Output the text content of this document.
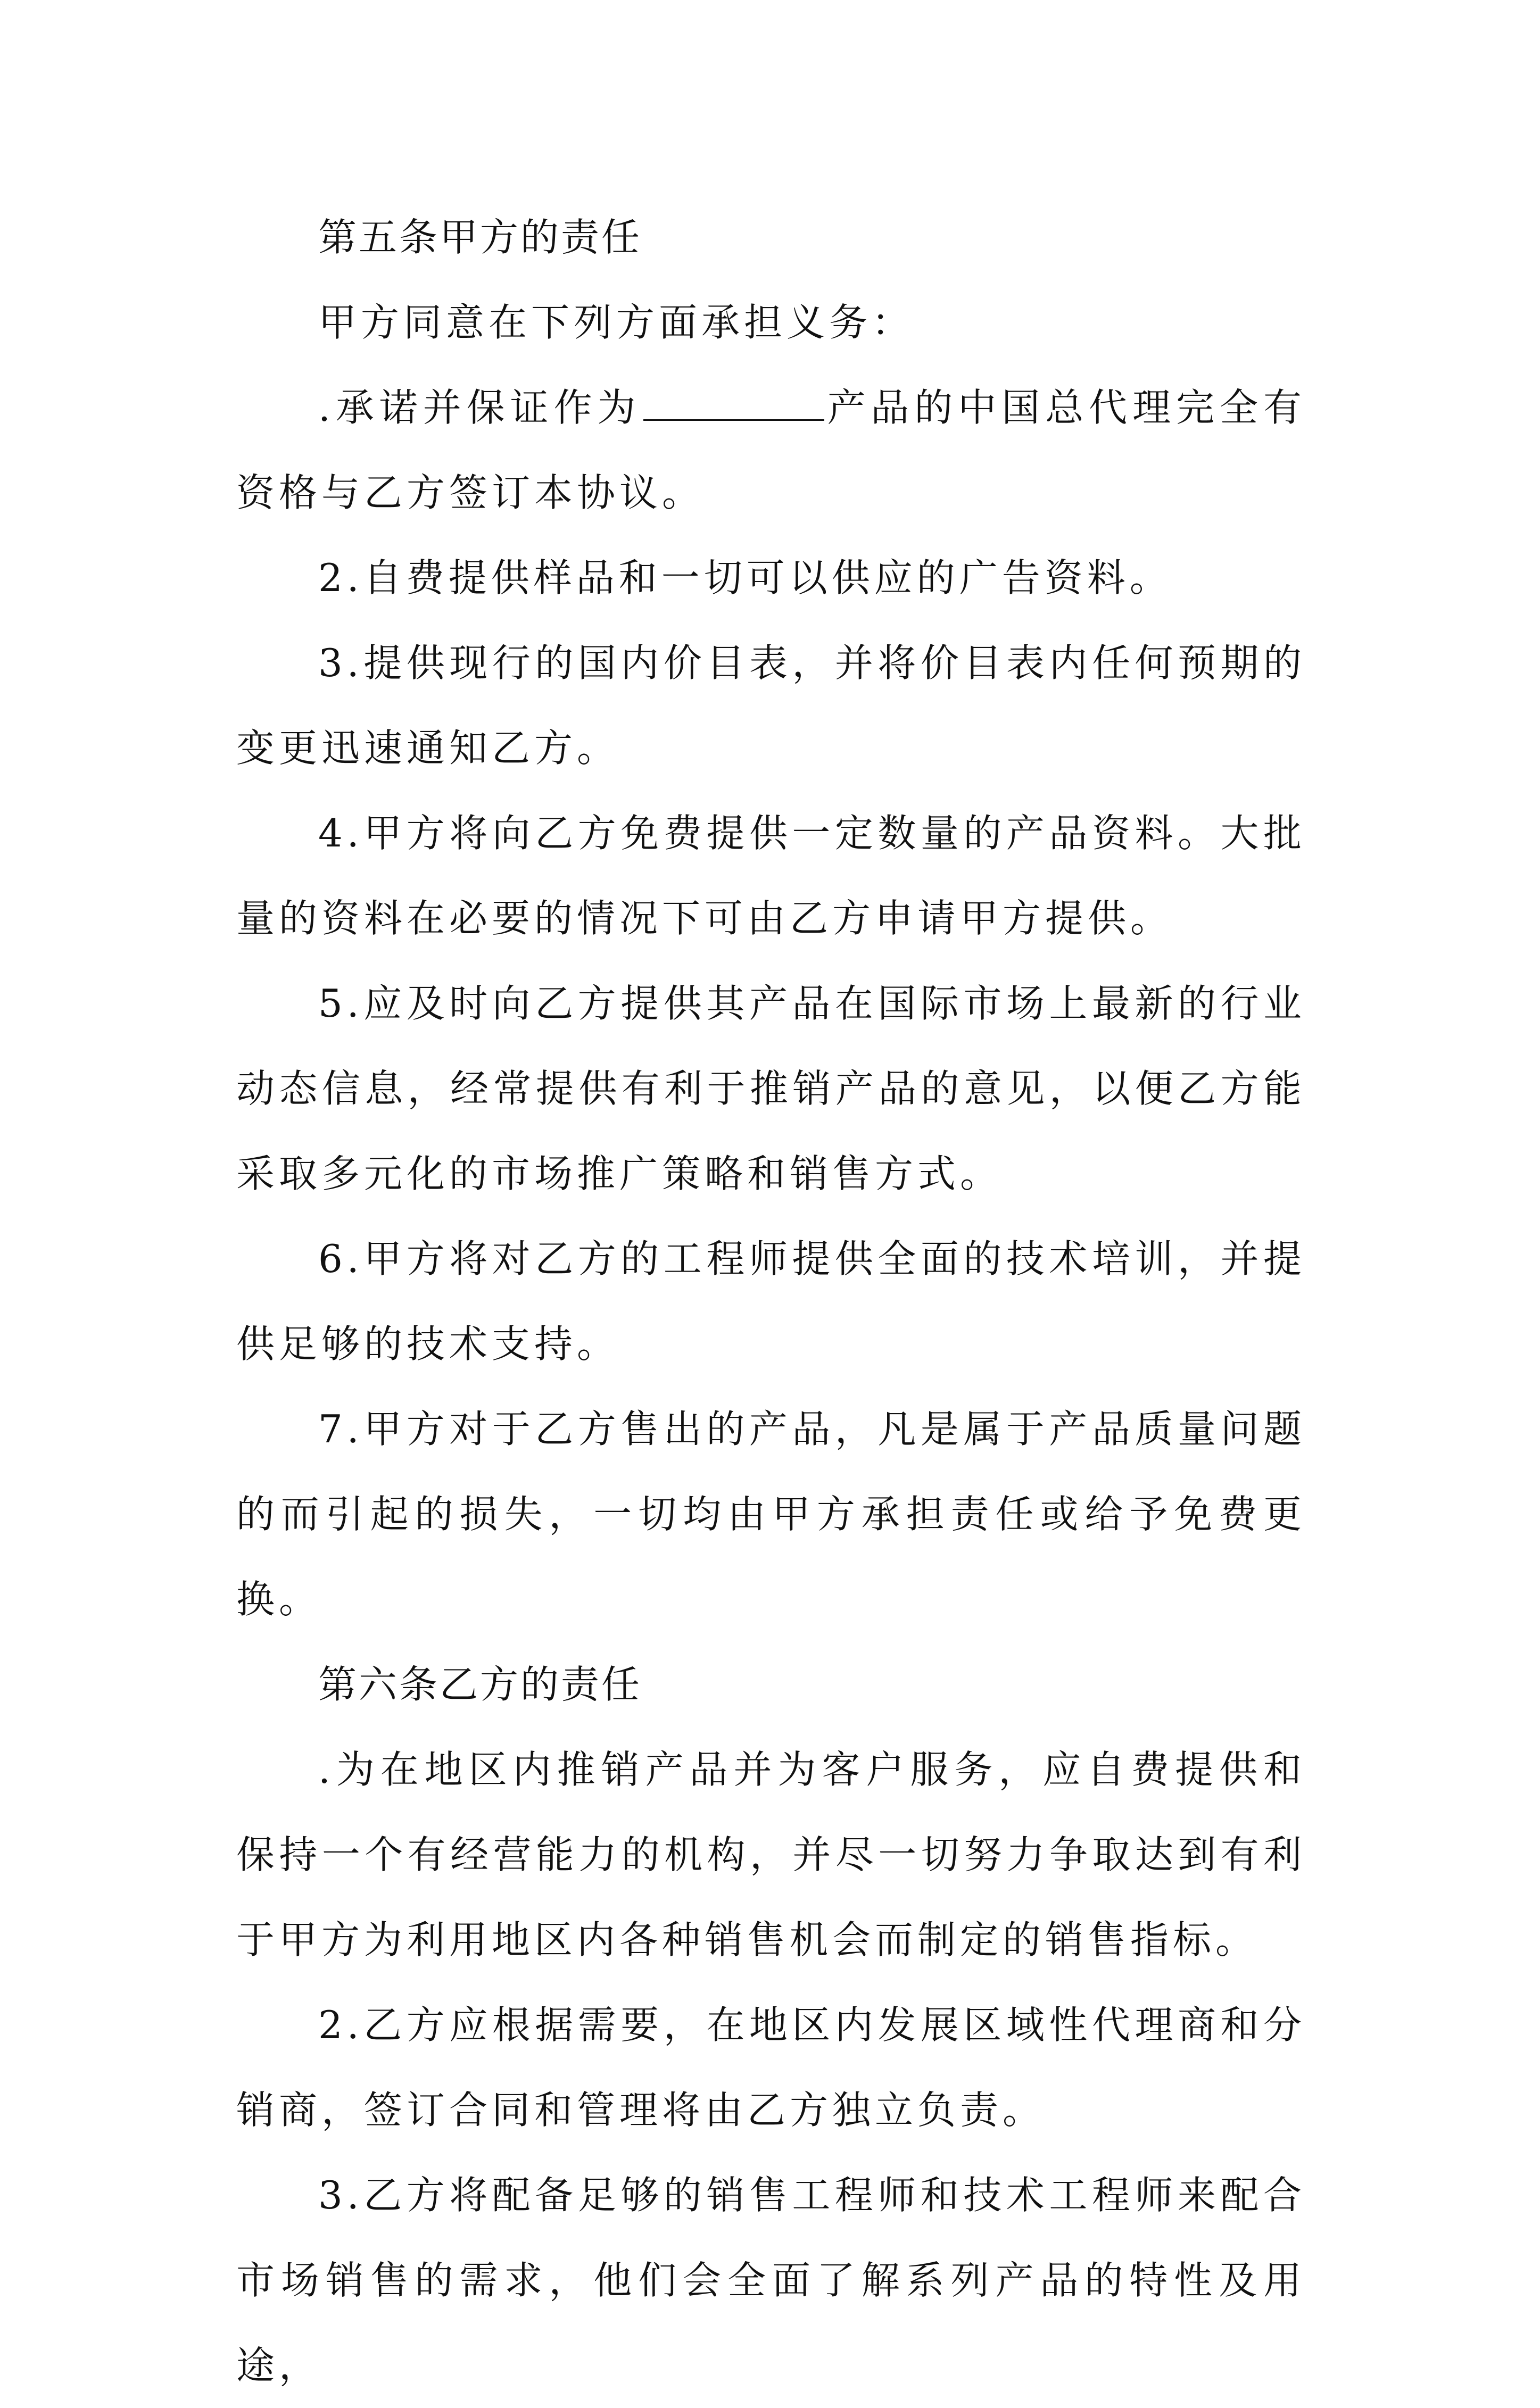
第五条甲方的责任

甲方同意在下列方面承担义务：

.承诺并保证作为	产品的中国总代理完全有资格与乙方签订本协议。

2.自费提供样品和一切可以供应的广告资料。

3.提供现行的国内价目表，并将价目表内任何预期的变更迅速通知乙方。

4.甲方将向乙方免费提供一定数量的产品资料。大批量的资料在必要的情况下可由乙方申请甲方提供。

5.应及时向乙方提供其产品在国际市场上最新的行业动态信息，经常提供有利于推销产品的意见，以便乙方能采取多元化的市场推广策略和销售方式。

6.甲方将对乙方的工程师提供全面的技术培训，并提供足够的技术支持。

7.甲方对于乙方售出的产品，凡是属于产品质量问题的而引起的损失，一切均由甲方承担责任或给予免费更换。

第六条乙方的责任

.为在地区内推销产品并为客户服务，应自费提供和保持一个有经营能力的机构，并尽一切努力争取达到有利于甲方为利用地区内各种销售机会而制定的销售指标。

2.乙方应根据需要，在地区内发展区域性代理商和分销商，签订合同和管理将由乙方独立负责。

3.乙方将配备足够的销售工程师和技术工程师来配合市场销售的需求，他们会全面了解系列产品的特性及用途，
